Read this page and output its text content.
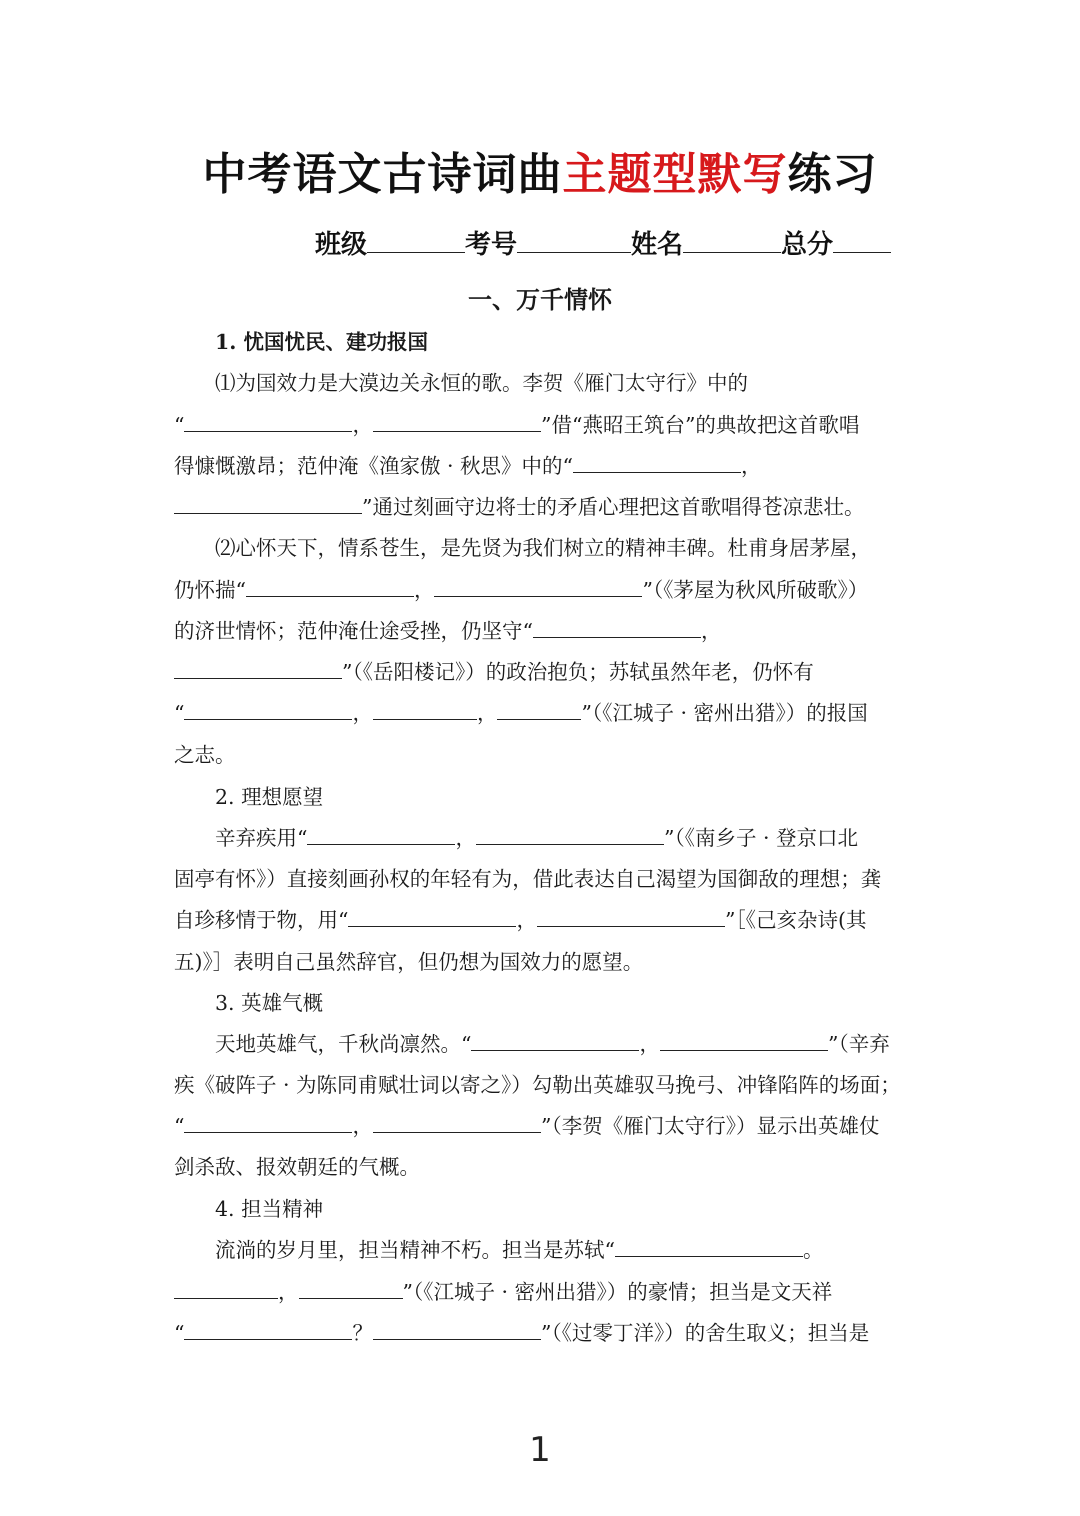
中考语文古诗词曲主题型默写练习
班级	考号	姓名	总分
一、万千情怀
1. 忧国忧民、建功报国
⑴为国效力是大漠边关永恒的歌。李贺《雁门太守行》中的
“	，	”借“燕昭王筑台”的典故把这首歌唱
得慷慨激昂；范仲淹《渔家傲 · 秋思》中的“	，
”通过刻画守边将士的矛盾心理把这首歌唱得苍凉悲壮。
⑵心怀天下，情系苍生，是先贤为我们树立的精神丰碑。杜甫身居茅屋，
仍怀揣“	，	”（《茅屋为秋风所破歌》）
的济世情怀；范仲淹仕途受挫，仍坚守“	，
”（《岳阳楼记》）的政治抱负；苏轼虽然年老，仍怀有
“	，	，	”（《江城子 · 密州出猎》）的报国
之志。
2. 理想愿望
辛弃疾用“	，	”（《南乡子 · 登京口北
固亭有怀》）直接刻画孙权的年轻有为，借此表达自己渴望为国御敌的理想；龚
自珍移情于物，用“	，	”［《己亥杂诗(其
五)》］表明自己虽然辞官，但仍想为国效力的愿望。
3. 英雄气概
天地英雄气，千秋尚凛然。“	，	”（辛弃
疾《破阵子 · 为陈同甫赋壮词以寄之》）勾勒出英雄驭马挽弓、冲锋陷阵的场面；
“	，	”（李贺《雁门太守行》）显示出英雄仗
剑杀敌、报效朝廷的气概。
4. 担当精神
流淌的岁月里，担当精神不朽。担当是苏轼“	。
，	”（《江城子 · 密州出猎》）的豪情；担当是文天祥
“	？	”（《过零丁洋》）的舍生取义；担当是
1
